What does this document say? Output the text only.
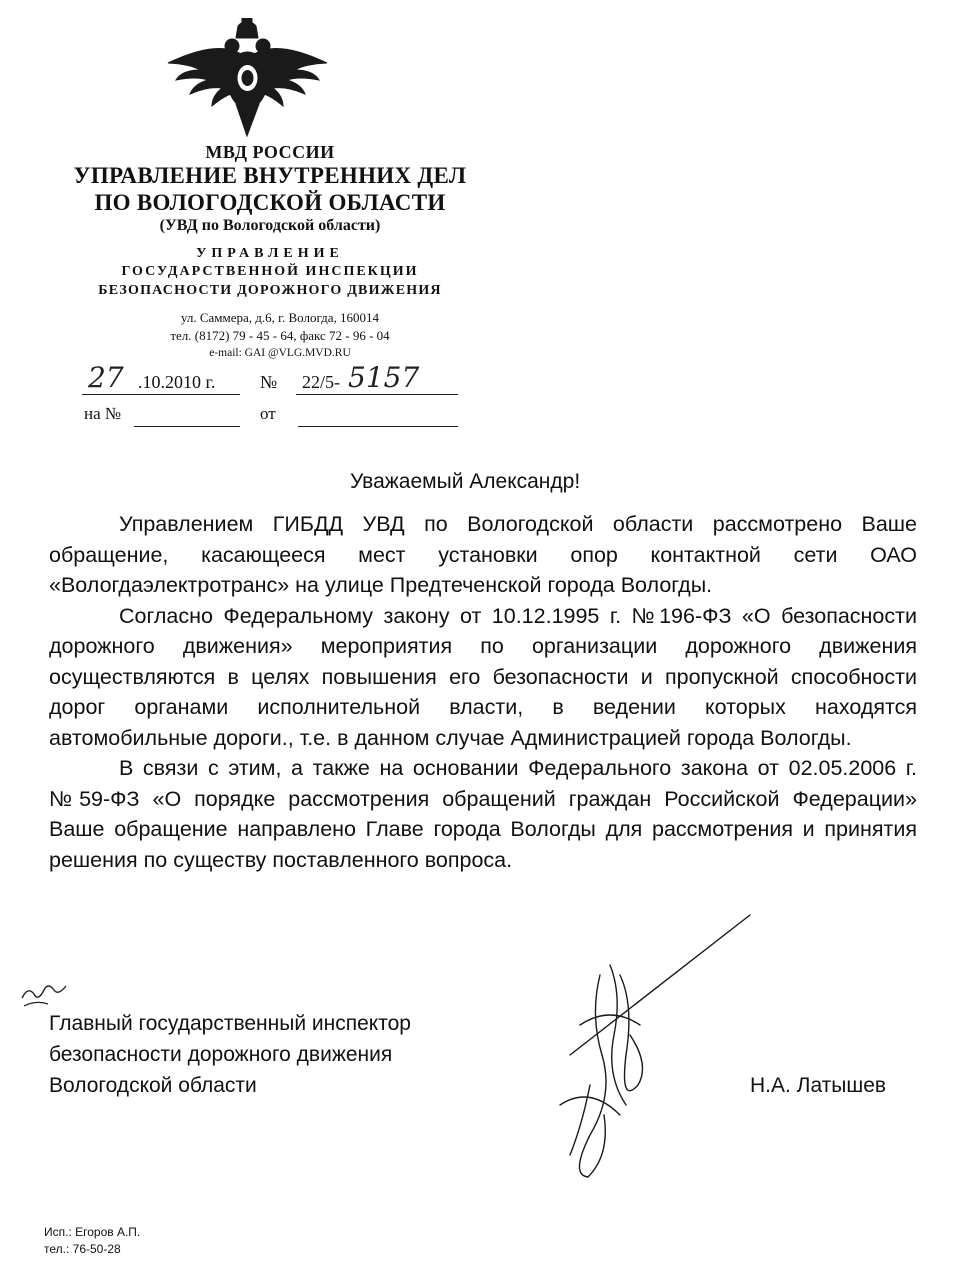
МВД РОССИИ
УПРАВЛЕНИЕ ВНУТРЕННИХ ДЕЛ
ПО ВОЛОГОДСКОЙ ОБЛАСТИ
(УВД по Вологодской области)
УПРАВЛЕНИЕ
ГОСУДАРСТВЕННОЙ ИНСПЕКЦИИ
БЕЗОПАСНОСТИ ДОРОЖНОГО ДВИЖЕНИЯ
ул. Саммера, д.6, г. Вологда, 160014
тел. (8172) 79 - 45 - 64, факс 72 - 96 - 04
e-mail: GAI @VLG.MVD.RU
27 .10.2010 г. № 22/5- 5157
на №	от
Уважаемый Александр!

Управлением ГИБДД УВД по Вологодской области рассмотрено Ваше обращение, касающееся мест установки опор контактной сети ОАО «Вологдаэлектротранс» на улице Предтеченской города Вологды.

Согласно Федеральному закону от 10.12.1995 г. №196-ФЗ «О безопасности дорожного движения» мероприятия по организации дорожного движения осуществляются в целях повышения его безопасности и пропускной способности дорог органами исполнительной власти, в ведении которых находятся автомобильные дороги., т.е. в данном случае Администрацией города Вологды.

В связи с этим, а также на основании Федерального закона от 02.05.2006 г. №59-ФЗ «О порядке рассмотрения обращений граждан Российской Федерации» Ваше обращение направлено Главе города Вологды для рассмотрения и принятия решения по существу поставленного вопроса.

Главный государственный инспектор
безопасности дорожного движения
Вологодской области	Н.А. Латышев
Исп.: Егоров А.П.
тел.: 76-50-28
